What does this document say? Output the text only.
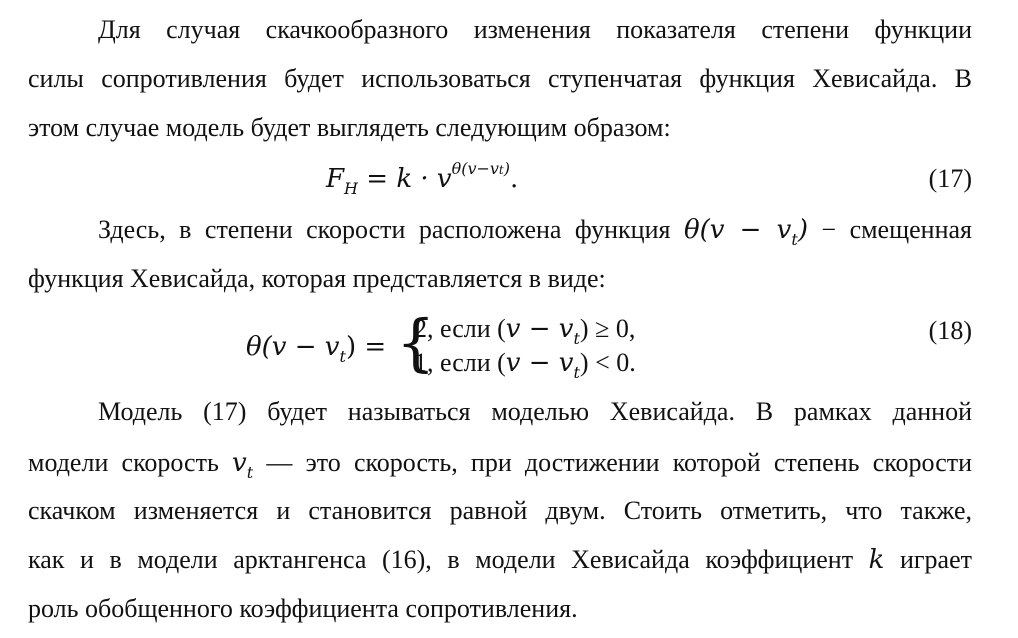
Для случая скачкообразного изменения показателя степени функции
силы сопротивления будет использоваться ступенчатая функция Хевисайда. В
этом случае модель будет выглядеть следующим образом:
$F_H = k \cdot v^{\theta(v-vt)}$.	(17)
Здесь, в степени скорости расположена функция $\theta(v - v_t)$ − смещенная
функция Хевисайда, которая представляется в виде:
$\theta(v - v_t)$ = {
2, если $(v - v_t) \ge 0$,
1, если $(v - v_t) < 0$.
(18)
Модель (17) будет называться моделью Хевисайда. В рамках данной
модели скорость $v_t$ — это скорость, при достижении которой степень скорости
скачком изменяется и становится равной двум. Стоить отметить, что также,
как и в модели арктангенса (16), в модели Хевисайда коэффициент k играет
роль обобщенного коэффициента сопротивления.
